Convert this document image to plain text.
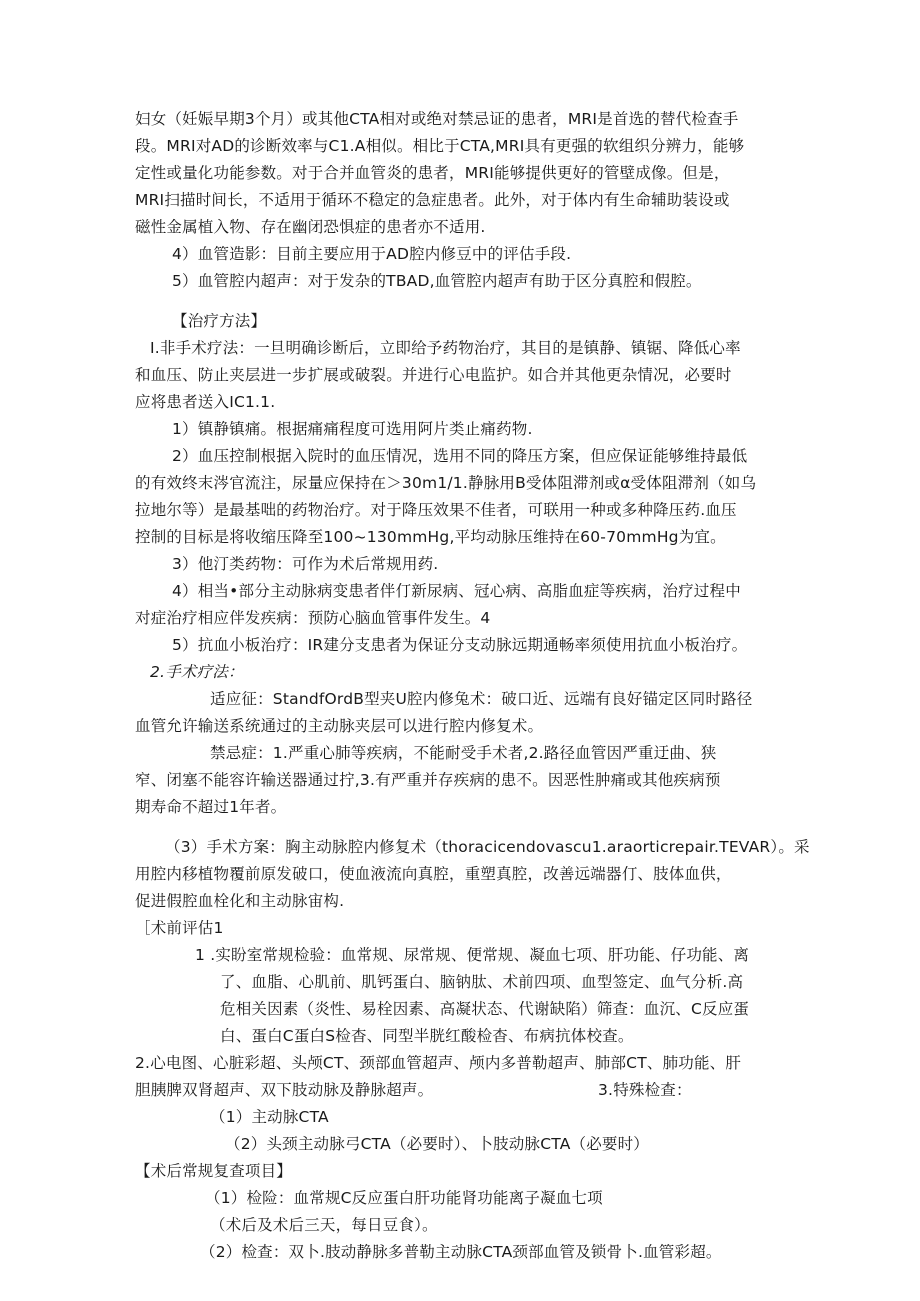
妇女（妊娠早期3个月）或其他CTA相对或绝对禁忌证的患者，MRI是首选的替代检查手
段。MRI对AD的诊断效率与C1.A相似。相比于CTA,MRI具有更强的软组织分辨力，能够
定性或量化功能参数。对于合并血管炎的患者，MRI能够提供更好的管壁成像。但是，
MRI扫描时间长，不适用于循环不稳定的急症患者。此外，对于体内有生命辅助装设或
磁性金属植入物、存在幽闭恐惧症的患者亦不适用.
4）血管造影：目前主要应用于AD腔内修豆中的评估手段.
5）血管腔内超声：对于发杂的TBAD,血管腔内超声有助于区分真腔和假腔。
【治疗方法】
I.非手术疗法：一旦明确诊断后，立即给予药物治疗，其目的是镇静、镇锯、降低心率
和血压、防止夹层进一步扩展或破裂。并进行心电监护。如合并其他更杂情况，必要时
应将患者送入IC1.1.
1）镇静镇痛。根据痛痛程度可选用阿片类止痛药物.
2）血压控制根据入院时的血压情况，选用不同的降压方案，但应保证能够维持最低
的有效终末涔官流注，尿量应保持在＞30m1∕1.静脉用B受体阻滞剂或α受体阻滞剂（如乌
拉地尔等）是最基咄的药物治疗。对于降压效果不佳者，可联用一种或多种降压药.血压
控制的目标是将收缩压降至100~130mmHg,平均动脉压维持在60-70mmHg为宜。
3）他汀类药物：可作为术后常规用药.
4）相当•部分主动脉病变患者伴仃新尿病、冠心病、高脂血症等疾病，治疗过程中
对症治疗相应伴发疾病：预防心脑血管事件发生。4
5）抗血小板治疗：IR建分支患者为保证分支动脉远期通畅率须使用抗血小板治疗。
2.手术疗法：
适应征：StandfOrdB型夹U腔内修兔术：破口近、远端有良好锚定区同时路径
血管允许输送系统通过的主动脉夹层可以进行腔内修复术。
禁忌症：1.严重心肺等疾病，不能耐受手术者,2.路径血管因严重迂曲、狭
窄、闭塞不能容许输送器通过拧,3.有严重并存疾病的患不。因恶性肿痛或其他疾病预
期寿命不超过1年者。
（3）手术方案：胸主动脉腔内修复术（thoracicendovascu1.araorticrepair.TEVAR）。采
用腔内移植物覆前原发破口，使血液流向真腔，重塑真腔，改善远端器仃、肢体血供，
促进假腔血栓化和主动脉宙构.
［术前评估1
1 .实盼室常规检验：血常规、尿常规、便常规、凝血七项、肝功能、仔功能、离
了、血脂、心肌前、肌钙蛋白、脑钠肽、术前四项、血型签定、血气分析.高
危相关因素（炎性、易栓因素、高凝状态、代谢缺陷）筛查：血沉、C反应蛋
白、蛋白C蛋白S检杳、同型半胱红酸检杳、布病抗体校查。
2.心电图、心脏彩超、头颅CT、颈部血管超声、颅内多普勒超声、肺部CT、肺功能、肝
胆胰脾双肾超声、双下肢动脉及静脉超声。	3.特殊检查：
（1）主动脉CTA
（2）头颈主动脉弓CTA（必要时）、卜肢动脉CTA（必要时）
【术后常规复查项目】
（1）检险：血常规C反应蛋白肝功能肾功能离子凝血七项
（术后及术后三天，每日豆食）。
（2）检查：双卜.肢动静脉多普勒主动脉CTA颈部血管及锁骨卜.血管彩超。
